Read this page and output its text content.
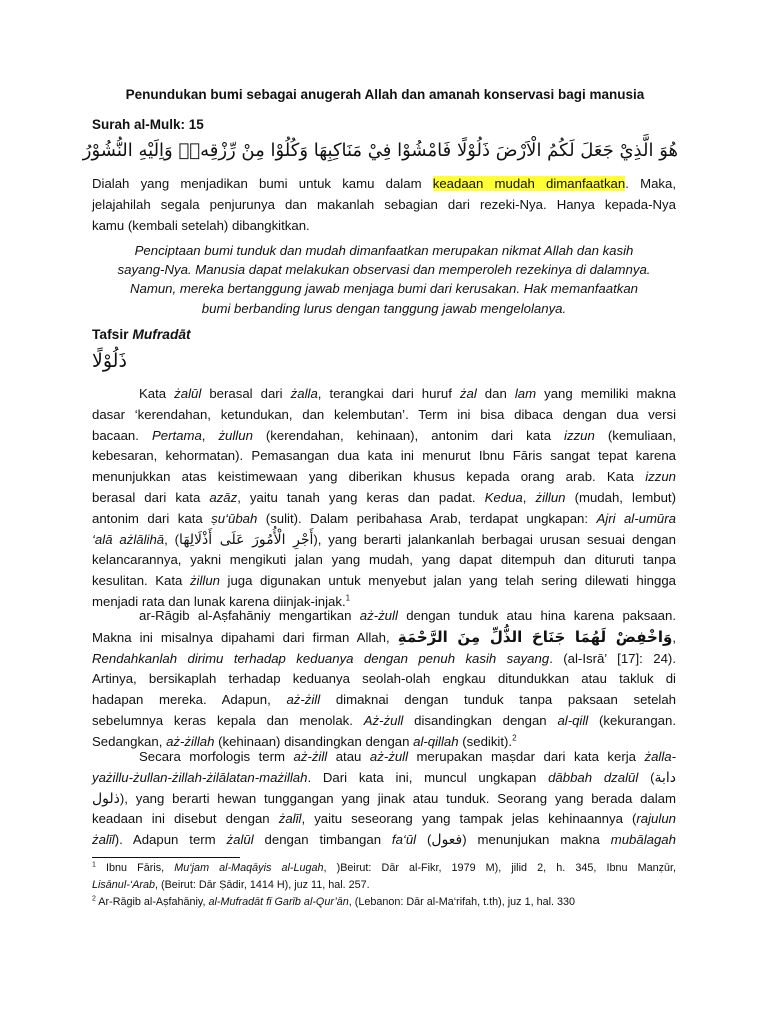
Penundukan bumi sebagai anugerah Allah dan amanah konservasi bagi manusia
Surah al-Mulk: 15
هُوَ الَّذِيْ جَعَلَ لَكُمُ الْاَرْضَ ذَلُوْلًا فَامْشُوْا فِيْ مَنَاكِبِهَا وَكُلُوْا مِنْ رِّزْقِهٖۗ وَاِلَيْهِ النُّشُوْرُ
Dialah yang menjadikan bumi untuk kamu dalam keadaan mudah dimanfaatkan. Maka,
jelajahilah segala penjurunya dan makanlah sebagian dari rezeki-Nya. Hanya kepada-Nya
kamu (kembali setelah) dibangkitkan.
Penciptaan bumi tunduk dan mudah dimanfaatkan merupakan nikmat Allah dan kasih
sayang-Nya. Manusia dapat melakukan observasi dan memperoleh rezekinya di dalamnya.
Namun, mereka bertanggung jawab menjaga bumi dari kerusakan. Hak memanfaatkan
bumi berbanding lurus dengan tanggung jawab mengelolanya.
Tafsir Mufradāt
ذَلُوْلًا
Kata żalūl berasal dari żalla, terangkai dari huruf żal dan lam yang memiliki makna
dasar ‘kerendahan, ketundukan, dan kelembutan’. Term ini bisa dibaca dengan dua versi
bacaan. Pertama, żullun (kerendahan, kehinaan), antonim dari kata izzun (kemuliaan,
kebesaran, kehormatan). Pemasangan dua kata ini menurut Ibnu Fāris sangat tepat karena
menunjukkan atas keistimewaan yang diberikan khusus kepada orang arab. Kata izzun
berasal dari kata azāz, yaitu tanah yang keras dan padat. Kedua, żillun (mudah, lembut)
antonim dari kata ṣu‘ūbah (sulit). Dalam peribahasa Arab, terdapat ungkapan: Ajri al-umūra
‘alā ażlālihā, (أَجْرِ الْأُمُورَ عَلَى أَذْلَالِهَا), yang berarti jalankanlah berbagai urusan sesuai dengan
kelancarannya, yakni mengikuti jalan yang mudah, yang dapat ditempuh dan dituruti tanpa
kesulitan. Kata żillun juga digunakan untuk menyebut jalan yang telah sering dilewati hingga
menjadi rata dan lunak karena diinjak-injak.$^1$
ar-Rāgib al-Aṣfahāniy mengartikan aż-żull dengan tunduk atau hina karena paksaan.
Makna ini misalnya dipahami dari firman Allah, وَاخْفِضْ لَهُمَا جَنَاحَ الذُّلِّ مِنَ الرَّحْمَةِ,
Rendahkanlah dirimu terhadap keduanya dengan penuh kasih sayang. (al-Isrā’ [17]: 24).
Artinya, bersikaplah terhadap keduanya seolah-olah engkau ditundukkan atau takluk di
hadapan mereka. Adapun, aż-żill dimaknai dengan tunduk tanpa paksaan setelah
sebelumnya keras kepala dan menolak. Aż-żull disandingkan dengan al-qill (kekurangan.
Sedangkan, aż-żillah (kehinaan) disandingkan dengan al-qillah (sedikit).$^2$
Secara morfologis term aż-żill atau aż-żull merupakan maṣdar dari kata kerja żalla-
yażillu-żullan-żillah-żilālatan-mażillah. Dari kata ini, muncul ungkapan dābbah dzalūl (دابة
ذلول), yang berarti hewan tunggangan yang jinak atau tunduk. Seorang yang berada dalam
keadaan ini disebut dengan żalīl, yaitu seseorang yang tampak jelas kehinaannya (rajulun
żalīl). Adapun term żalūl dengan timbangan fa‘ūl (فعول) menunjukan makna mubālagah
$^1$ Ibnu Fāris, Mu‘jam al-Maqāyis al-Lugah, )Beirut: Dār al-Fikr, 1979 M), jilid 2, h. 345, Ibnu Manẓūr,
Lisānul-‘Arab, (Beirut: Dār Ṣādir, 1414 H), juz 11, hal. 257.
$^2$ Ar-Rāgib al-Aṣfahāniy, al-Mufradāt fī Garīb al-Qur’ān, (Lebanon: Dār al-Ma‘rifah, t.th), juz 1, hal. 330
